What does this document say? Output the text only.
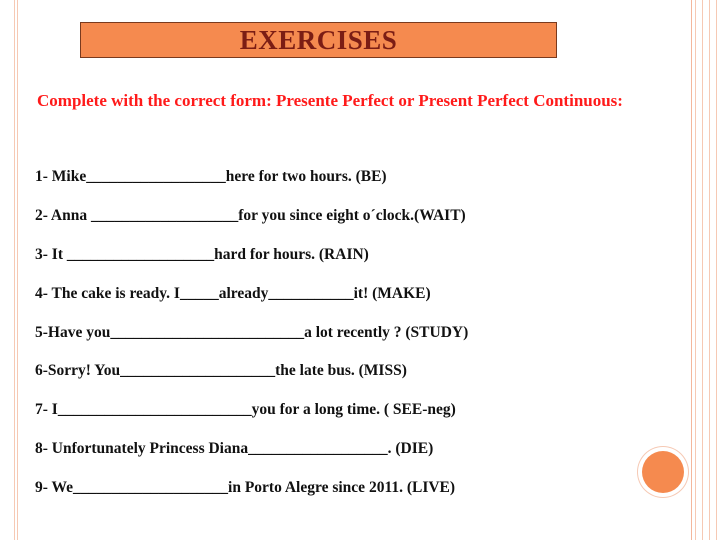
EXERCISES
Complete with the correct form: Presente Perfect or Present Perfect Continuous:
1- Mike__________________here for two hours. (BE)
2- Anna ___________________for you since eight o´clock.(WAIT)
3- It ___________________hard for hours. (RAIN)
4- The cake is ready. I_____already___________it! (MAKE)
5-Have you_________________________a lot recently ? (STUDY)
6-Sorry! You____________________the late bus. (MISS)
7- I_________________________you for a long time. ( SEE-neg)
8- Unfortunately Princess Diana__________________. (DIE)
9- We____________________in Porto Alegre since 2011. (LIVE)
